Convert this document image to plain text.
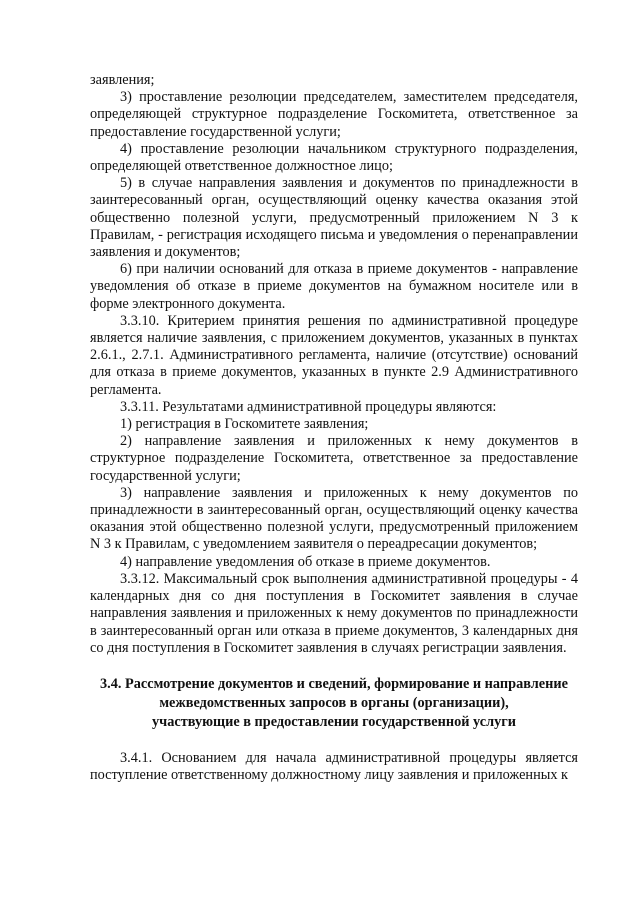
заявления;

3) проставление резолюции председателем, заместителем председателя, определяющей структурное подразделение Госкомитета, ответственное за предоставление государственной услуги;

4) проставление резолюции начальником структурного подразделения, определяющей ответственное должностное лицо;

5) в случае направления заявления и документов по принадлежности в заинтересованный орган, осуществляющий оценку качества оказания этой общественно полезной услуги, предусмотренный приложением N 3 к Правилам, - регистрация исходящего письма и уведомления о перенаправлении заявления и документов;

6) при наличии оснований для отказа в приеме документов - направление уведомления об отказе в приеме документов на бумажном носителе или в форме электронного документа.

3.3.10. Критерием принятия решения по административной процедуре является наличие заявления, с приложением документов, указанных в пунктах 2.6.1., 2.7.1. Административного регламента, наличие (отсутствие) оснований для отказа в приеме документов, указанных в пункте 2.9 Административного регламента.

3.3.11. Результатами административной процедуры являются:

1) регистрация в Госкомитете заявления;

2) направление заявления и приложенных к нему документов в структурное подразделение Госкомитета, ответственное за предоставление государственной услуги;

3) направление заявления и приложенных к нему документов по принадлежности в заинтересованный орган, осуществляющий оценку качества оказания этой общественно полезной услуги, предусмотренный приложением N 3 к Правилам, с уведомлением заявителя о переадресации документов;

4) направление уведомления об отказе в приеме документов.

3.3.12. Максимальный срок выполнения административной процедуры - 4 календарных дня со дня поступления в Госкомитет заявления в случае направления заявления и приложенных к нему документов по принадлежности в заинтересованный орган или отказа в приеме документов, 3 календарных дня со дня поступления в Госкомитет заявления в случаях регистрации заявления.

3.4. Рассмотрение документов и сведений, формирование и направление
межведомственных запросов в органы (организации),
участвующие в предоставлении государственной услуги

3.4.1. Основанием для начала административной процедуры является поступление ответственному должностному лицу заявления и приложенных к
